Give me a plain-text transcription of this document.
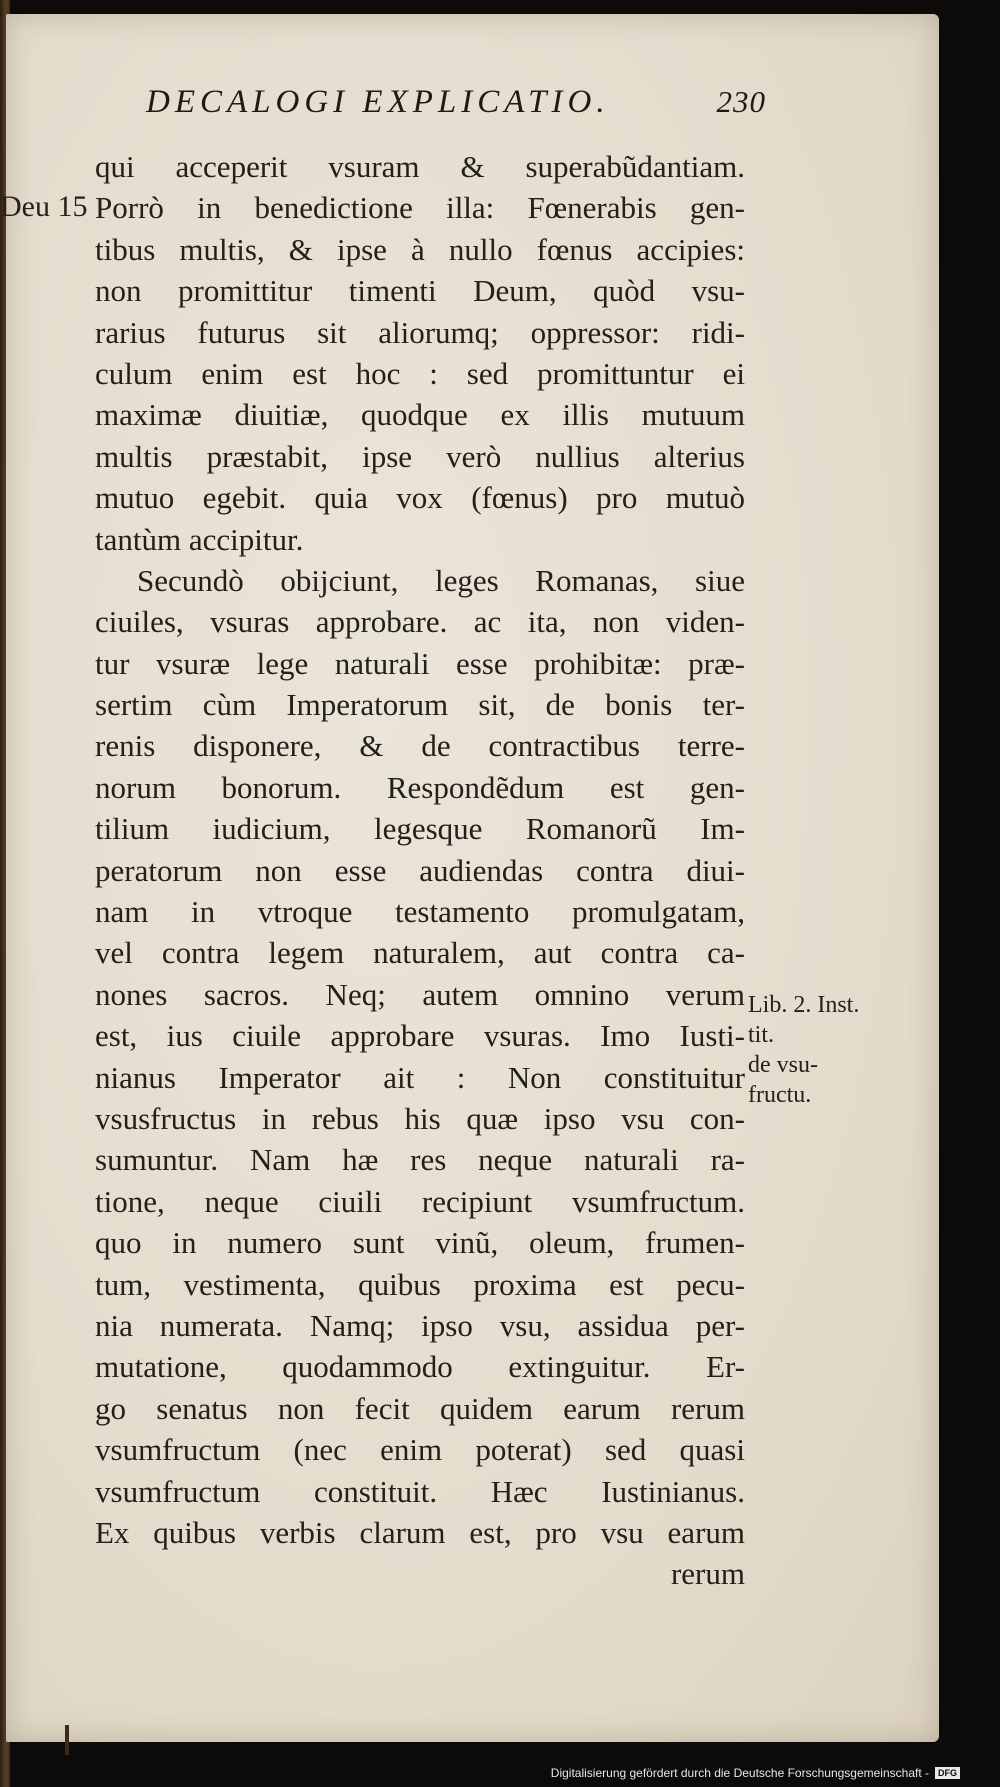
DECALOGI EXPLICATIO.	230
Deu 15
Lib. 2. Inst.
tit.
de vsu-
fructu.
qui acceperit vsuram & superabũdantiam.
Porrò in benedictione illa: Fœnerabis gen-
tibus multis, & ipse à nullo fœnus accipies:
non promittitur timenti Deum, quòd vsu-
rarius futurus sit aliorumq; oppressor: ridi-
culum enim est hoc : sed promittuntur ei
maximæ diuitiæ, quodque ex illis mutuum
multis præstabit, ipse verò nullius alterius
mutuo egebit. quia vox (fœnus) pro mutuò
tantùm accipitur.
Secundò obijciunt, leges Romanas, siue
ciuiles, vsuras approbare. ac ita, non viden-
tur vsuræ lege naturali esse prohibitæ: præ-
sertim cùm Imperatorum sit, de bonis ter-
renis disponere, & de contractibus terre-
norum bonorum. Respondẽdum est gen-
tilium iudicium, legesque Romanorũ Im-
peratorum non esse audiendas contra diui-
nam in vtroque testamento promulgatam,
vel contra legem naturalem, aut contra ca-
nones sacros. Neq; autem omnino verum
est, ius ciuile approbare vsuras. Imo Iusti-
nianus Imperator ait : Non constituitur
vsusfructus in rebus his quæ ipso vsu con-
sumuntur. Nam hæ res neque naturali ra-
tione, neque ciuili recipiunt vsumfructum.
quo in numero sunt vinũ, oleum, frumen-
tum, vestimenta, quibus proxima est pecu-
nia numerata. Namq; ipso vsu, assidua per-
mutatione, quodammodo extinguitur. Er-
go senatus non fecit quidem earum rerum
vsumfructum (nec enim poterat) sed quasi
vsumfructum constituit. Hæc Iustinianus.
Ex quibus verbis clarum est, pro vsu earum
rerum
Digitalisierung gefördert durch die Deutsche Forschungsgemeinschaft -	DFG
